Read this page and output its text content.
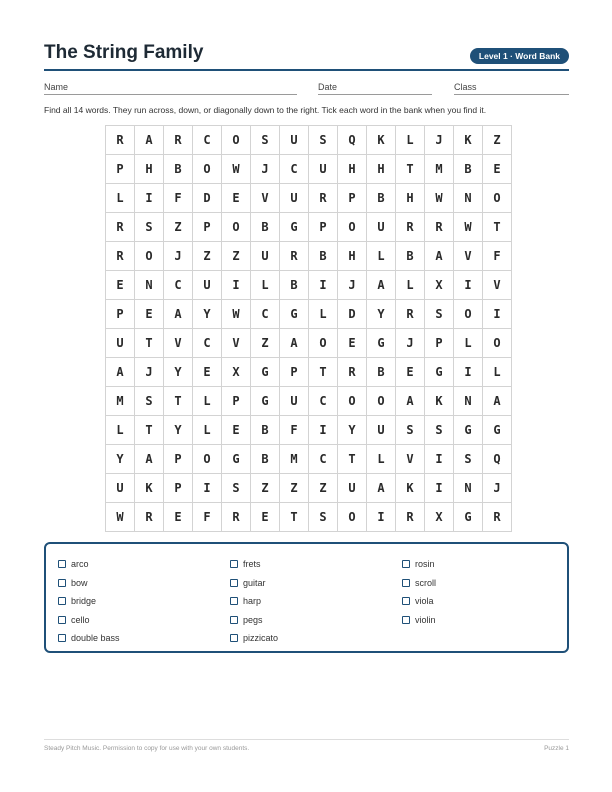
The String Family	Level 1 · Word Bank
Name	Date	Class

Find all 14 words. They run across, down, or diagonally down to the right. Tick each word in the bank when you find it.

R	A	R	C	O	S	U	S	Q	K	L	J	K	Z
P	H	B	O	W	J	C	U	H	H	T	M	B	E
L	I	F	D	E	V	U	R	P	B	H	W	N	O
R	S	Z	P	O	B	G	P	O	U	R	R	W	T
R	O	J	Z	Z	U	R	B	H	L	B	A	V	F
E	N	C	U	I	L	B	I	J	A	L	X	I	V
P	E	A	Y	W	C	G	L	D	Y	R	S	O	I
U	T	V	C	V	Z	A	O	E	G	J	P	L	O
A	J	Y	E	X	G	P	T	R	B	E	G	I	L
M	S	T	L	P	G	U	C	O	O	A	K	N	A
L	T	Y	L	E	B	F	I	Y	U	S	S	G	G
Y	A	P	O	G	B	M	C	T	L	V	I	S	Q
U	K	P	I	S	Z	Z	Z	U	A	K	I	N	J
W	R	E	F	R	E	T	S	O	I	R	X	G	R
arco
bow
bridge
cello
double bass
frets
guitar
harp
pegs
pizzicato
rosin
scroll
viola
violin
Steady Pitch Music. Permission to copy for use with your own students.	Puzzle 1
